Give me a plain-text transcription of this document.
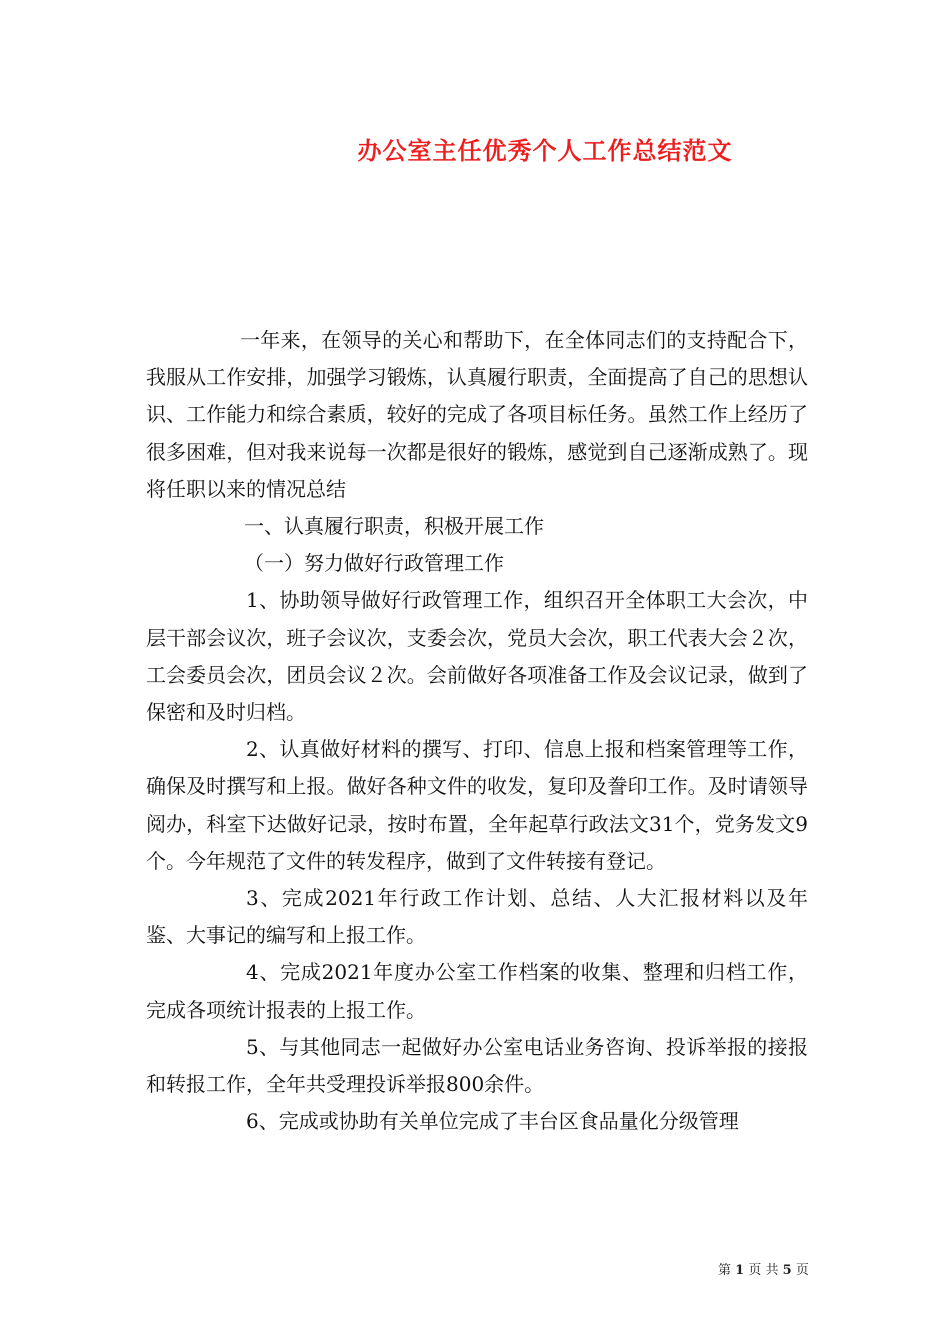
办公室主任优秀个人工作总结范文

一年来，在领导的关心和帮助下，在全体同志们的支持配合下，我服从工作安排，加强学习锻炼，认真履行职责，全面提高了自己的思想认识、工作能力和综合素质，较好的完成了各项目标任务。虽然工作上经历了很多困难，但对我来说每一次都是很好的锻炼，感觉到自己逐渐成熟了。现将任职以来的情况总结

一、认真履行职责，积极开展工作

（一）努力做好行政管理工作

1、协助领导做好行政管理工作，组织召开全体职工大会次，中层干部会议次，班子会议次，支委会次，党员大会次，职工代表大会２次，工会委员会次，团员会议２次。会前做好各项准备工作及会议记录，做到了保密和及时归档。

2、认真做好材料的撰写、打印、信息上报和档案管理等工作，确保及时撰写和上报。做好各种文件的收发，复印及誊印工作。及时请领导阅办，科室下达做好记录，按时布置，全年起草行政法文31个，党务发文9个。今年规范了文件的转发程序，做到了文件转接有登记。

3、完成2021年行政工作计划、总结、人大汇报材料以及年鉴、大事记的编写和上报工作。

4、完成2021年度办公室工作档案的收集、整理和归档工作，完成各项统计报表的上报工作。

5、与其他同志一起做好办公室电话业务咨询、投诉举报的接报和转报工作，全年共受理投诉举报800余件。

6、完成或协助有关单位完成了丰台区食品量化分级管理

第 1 页 共 5 页
